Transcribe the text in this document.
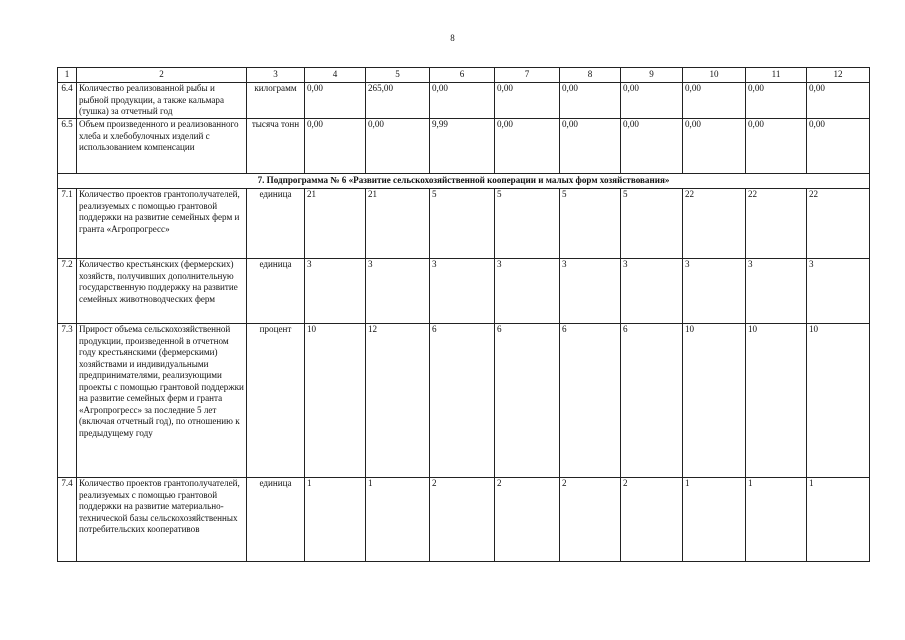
8
1	2	3	4	5	6	7	8	9	10	11	12
6.4	Количество реализованной рыбы и рыбной продукции, а также кальмара (тушка) за отчетный год	килограмм	0,00	265,00	0,00	0,00	0,00	0,00	0,00	0,00	0,00
6.5	Объем произведенного и реализованного хлеба и хлебобулочных изделий с использованием компенсации	тысяча тонн	0,00	0,00	9,99	0,00	0,00	0,00	0,00	0,00	0,00
7. Подпрограмма № 6 «Развитие сельскохозяйственной кооперации и малых форм хозяйствования»											
7.1	Количество проектов грантополучателей, реализуемых с помощью грантовой поддержки на развитие семейных ферм и гранта «Агропрогресс»	единица	21	21	5	5	5	5	22	22	22
7.2	Количество крестьянских (фермерских) хозяйств, получивших дополнительную государственную поддержку на развитие семейных животноводческих ферм	единица	3	3	3	3	3	3	3	3	3
7.3	Прирост объема сельскохозяйственной продукции, произведенной в отчетном году крестьянскими (фермерскими) хозяйствами и индивидуальными предпринимателями, реализующими проекты с помощью грантовой поддержки на развитие семейных ферм и гранта «Агропрогресс» за последние 5 лет (включая отчетный год), по отношению к предыдущему году	процент	10	12	6	6	6	6	10	10	10
7.4	Количество проектов грантополучателей, реализуемых с помощью грантовой поддержки на развитие материально-технической базы сельскохозяйственных потребительских кооперативов	единица	1	1	2	2	2	2	1	1	1
